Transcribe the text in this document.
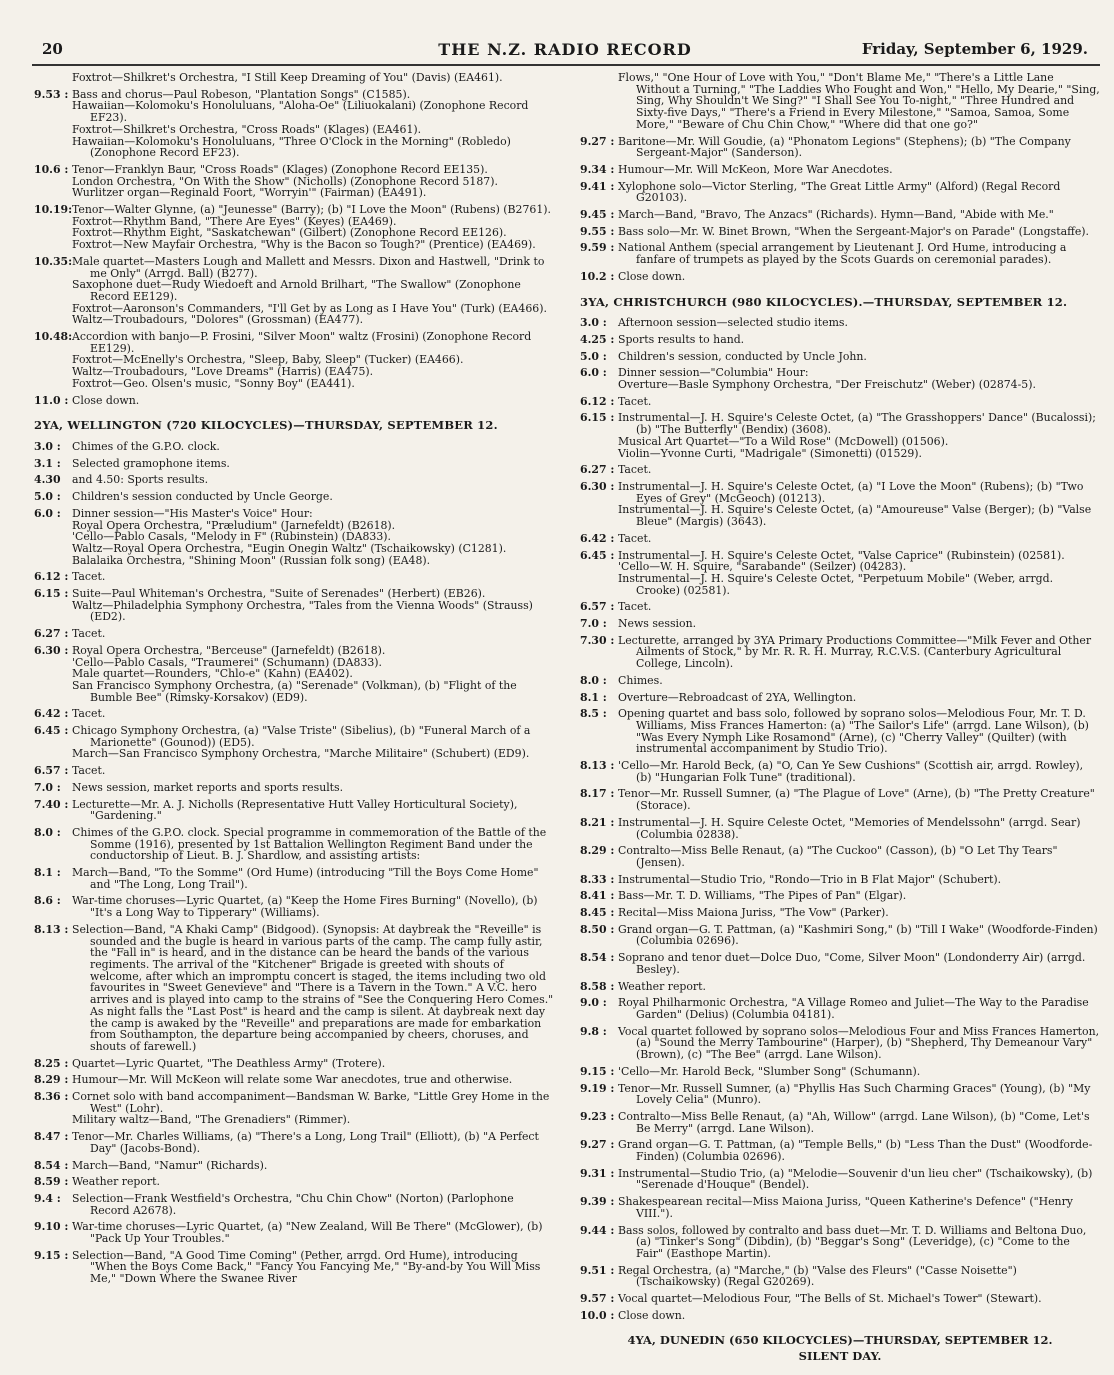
20	THE N.Z. RADIO RECORD	Friday, September 6, 1929.
Foxtrot—Shilkret's Orchestra, "I Still Keep Dreaming of You" (Davis) (EA461).
9.53 : Bass and chorus—Paul Robeson, "Plantation Songs" (C1585).
Hawaiian—Kolomoku's Honoluluans, "Aloha-Oe" (Liliuokalani) (Zonophone Record EF23).
Foxtrot—Shilkret's Orchestra, "Cross Roads" (Klages) (EA461).
Hawaiian—Kolomoku's Honoluluans, "Three O'Clock in the Morning" (Robledo) (Zonophone Record EF23).
10.6 : Tenor—Franklyn Baur, "Cross Roads" (Klages) (Zonophone Record EE135).
London Orchestra, "On With the Show" (Nicholls) (Zonophone Record 5187).
Wurlitzer organ—Reginald Foort, "Worryin'" (Fairman) (EA491).
10.19: Tenor—Walter Glynne, (a) "Jeunesse" (Barry); (b) "I Love the Moon" (Rubens) (B2761).
Foxtrot—Rhythm Band, "There Are Eyes" (Keyes) (EA469).
Foxtrot—Rhythm Eight, "Saskatchewan" (Gilbert) (Zonophone Record EE126).
Foxtrot—New Mayfair Orchestra, "Why is the Bacon so Tough?" (Prentice) (EA469).
10.35: Male quartet—Masters Lough and Mallett and Messrs. Dixon and Hastwell, "Drink to me Only" (Arrgd. Ball) (B277).
Saxophone duet—Rudy Wiedoeft and Arnold Brilhart, "The Swallow" (Zonophone Record EE129).
Foxtrot—Aaronson's Commanders, "I'll Get by as Long as I Have You" (Turk) (EA466).
Waltz—Troubadours, "Dolores" (Grossman) (EA477).
10.48: Accordion with banjo—P. Frosini, "Silver Moon" waltz (Frosini) (Zonophone Record EE129).
Foxtrot—McEnelly's Orchestra, "Sleep, Baby, Sleep" (Tucker) (EA466).
Waltz—Troubadours, "Love Dreams" (Harris) (EA475).
Foxtrot—Geo. Olsen's music, "Sonny Boy" (EA441).
11.0 : Close down.
2YA, WELLINGTON (720 KILOCYCLES)—THURSDAY, SEPTEMBER 12.
3.0 :	Chimes of the G.P.O. clock.
3.1 :	Selected gramophone items.
4.30	and 4.50: Sports results.
5.0 :	Children's session conducted by Uncle George.
6.0 :	Dinner session—"His Master's Voice" Hour:
Royal Opera Orchestra, "Præludium" (Jarnefeldt) (B2618).
'Cello—Pablo Casals, "Melody in F" (Rubinstein) (DA833).
Waltz—Royal Opera Orchestra, "Eugin Onegin Waltz" (Tschaikowsky) (C1281).
Balalaika Orchestra, "Shining Moon" (Russian folk song) (EA48).
6.12 : Tacet.
6.15 : Suite—Paul Whiteman's Orchestra, "Suite of Serenades" (Herbert) (EB26).
Waltz—Philadelphia Symphony Orchestra, "Tales from the Vienna Woods" (Strauss) (ED2).
6.27 : Tacet.
6.30 : Royal Opera Orchestra, "Berceuse" (Jarnefeldt) (B2618).
'Cello—Pablo Casals, "Traumerei" (Schumann) (DA833).
Male quartet—Rounders, "Chlo-e" (Kahn) (EA402).
San Francisco Symphony Orchestra, (a) "Serenade" (Volkman), (b) "Flight of the Bumble Bee" (Rimsky-Korsakov) (ED9).
6.42 : Tacet.
6.45 : Chicago Symphony Orchestra, (a) "Valse Triste" (Sibelius), (b) "Funeral March of a Marionette" (Gounod)) (ED5).
March—San Francisco Symphony Orchestra, "Marche Militaire" (Schubert) (ED9).
6.57 : Tacet.
7.0 :	News session, market reports and sports results.
7.40 : Lecturette—Mr. A. J. Nicholls (Representative Hutt Valley Horticultural Society), "Gardening."
8.0 :	Chimes of the G.P.O. clock. Special programme in commemoration of the Battle of the Somme (1916), presented by 1st Battalion Wellington Regiment Band under the conductorship of Lieut. B. J. Shardlow, and assisting artists:
8.1 :	March—Band, "To the Somme" (Ord Hume) (introducing "Till the Boys Come Home" and "The Long, Long Trail").
8.6 :	War-time choruses—Lyric Quartet, (a) "Keep the Home Fires Burning" (Novello), (b) "It's a Long Way to Tipperary" (Williams).
8.13 : Selection—Band, "A Khaki Camp" (Bidgood). (Synopsis: At daybreak the "Reveille" is sounded and the bugle is heard in various parts of the camp. The camp fully astir, the "Fall in" is heard, and in the distance can be heard the bands of the various regiments. The arrival of the "Kitchener" Brigade is greeted with shouts of welcome, after which an impromptu concert is staged, the items including two old favourites in "Sweet Genevieve" and "There is a Tavern in the Town." A V.C. hero arrives and is played into camp to the strains of "See the Conquering Hero Comes." As night falls the "Last Post" is heard and the camp is silent. At daybreak next day the camp is awaked by the "Reveille" and preparations are made for embarkation from Southampton, the departure being accompanied by cheers, choruses, and shouts of farewell.)
8.25 : Quartet—Lyric Quartet, "The Deathless Army" (Trotere).
8.29 : Humour—Mr. Will McKeon will relate some War anecdotes, true and otherwise.
8.36 : Cornet solo with band accompaniment—Bandsman W. Barke, "Little Grey Home in the West" (Lohr).
Military waltz—Band, "The Grenadiers" (Rimmer).
8.47 : Tenor—Mr. Charles Williams, (a) "There's a Long, Long Trail" (Elliott), (b) "A Perfect Day" (Jacobs-Bond).
8.54 : March—Band, "Namur" (Richards).
8.59 : Weather report.
9.4 :	Selection—Frank Westfield's Orchestra, "Chu Chin Chow" (Norton) (Parlophone Record A2678).
9.10 : War-time choruses—Lyric Quartet, (a) "New Zealand, Will Be There" (McGlower), (b) "Pack Up Your Troubles."
9.15 : Selection—Band, "A Good Time Coming" (Pether, arrgd. Ord Hume), introducing "When the Boys Come Back," "Fancy You Fancying Me," "By-and-by You Will Miss Me," "Down Where the Swanee River
Flows," "One Hour of Love with You," "Don't Blame Me," "There's a Little Lane Without a Turning," "The Laddies Who Fought and Won," "Hello, My Dearie," "Sing, Sing, Why Shouldn't We Sing?" "I Shall See You To-night," "Three Hundred and Sixty-five Days," "There's a Friend in Every Milestone," "Samoa, Samoa, Some More," "Beware of Chu Chin Chow," "Where did that one go?"
9.27 : Baritone—Mr. Will Goudie, (a) "Phonatom Legions" (Stephens); (b) "The Company Sergeant-Major" (Sanderson).
9.34 : Humour—Mr. Will McKeon, More War Anecdotes.
9.41 : Xylophone solo—Victor Sterling, "The Great Little Army" (Alford) (Regal Record G20103).
9.45 : March—Band, "Bravo, The Anzacs" (Richards). Hymn—Band, "Abide with Me."
9.55 : Bass solo—Mr. W. Binet Brown, "When the Sergeant-Major's on Parade" (Longstaffe).
9.59 : National Anthem (special arrangement by Lieutenant J. Ord Hume, introducing a fanfare of trumpets as played by the Scots Guards on ceremonial parades).
10.2 : Close down.
3YA, CHRISTCHURCH (980 KILOCYCLES).—THURSDAY, SEPTEMBER 12.
3.0 :	Afternoon session—selected studio items.
4.25 : Sports results to hand.
5.0 :	Children's session, conducted by Uncle John.
6.0 :	Dinner session—"Columbia" Hour:
Overture—Basle Symphony Orchestra, "Der Freischutz" (Weber) (02874-5).
6.12 : Tacet.
6.15 : Instrumental—J. H. Squire's Celeste Octet, (a) "The Grasshoppers' Dance" (Bucalossi); (b) "The Butterfly" (Bendix) (3608).
Musical Art Quartet—"To a Wild Rose" (McDowell) (01506).
Violin—Yvonne Curti, "Madrigale" (Simonetti) (01529).
6.27 : Tacet.
6.30 : Instrumental—J. H. Squire's Celeste Octet, (a) "I Love the Moon" (Rubens); (b) "Two Eyes of Grey" (McGeoch) (01213).
Instrumental—J. H. Squire's Celeste Octet, (a) "Amoureuse" Valse (Berger); (b) "Valse Bleue" (Margis) (3643).
6.42 : Tacet.
6.45 : Instrumental—J. H. Squire's Celeste Octet, "Valse Caprice" (Rubinstein) (02581).
'Cello—W. H. Squire, "Sarabande" (Seilzer) (04283).
Instrumental—J. H. Squire's Celeste Octet, "Perpetuum Mobile" (Weber, arrgd. Crooke) (02581).
6.57 : Tacet.
7.0 :	News session.
7.30 : Lecturette, arranged by 3YA Primary Productions Committee—"Milk Fever and Other Ailments of Stock," by Mr. R. R. H. Murray, R.C.V.S. (Canterbury Agricultural College, Lincoln).
8.0 :	Chimes.
8.1 :	Overture—Rebroadcast of 2YA, Wellington.
8.5 :	Opening quartet and bass solo, followed by soprano solos—Melodious Four, Mr. T. D. Williams, Miss Frances Hamerton: (a) "The Sailor's Life" (arrgd. Lane Wilson), (b) "Was Every Nymph Like Rosamond" (Arne), (c) "Cherry Valley" (Quilter) (with instrumental accompaniment by Studio Trio).
8.13 : 'Cello—Mr. Harold Beck, (a) "O, Can Ye Sew Cushions" (Scottish air, arrgd. Rowley), (b) "Hungarian Folk Tune" (traditional).
8.17 : Tenor—Mr. Russell Sumner, (a) "The Plague of Love" (Arne), (b) "The Pretty Creature" (Storace).
8.21 : Instrumental—J. H. Squire Celeste Octet, "Memories of Mendelssohn" (arrgd. Sear) (Columbia 02838).
8.29 : Contralto—Miss Belle Renaut, (a) "The Cuckoo" (Casson), (b) "O Let Thy Tears" (Jensen).
8.33 : Instrumental—Studio Trio, "Rondo—Trio in B Flat Major" (Schubert).
8.41 : Bass—Mr. T. D. Williams, "The Pipes of Pan" (Elgar).
8.45 : Recital—Miss Maiona Juriss, "The Vow" (Parker).
8.50 : Grand organ—G. T. Pattman, (a) "Kashmiri Song," (b) "Till I Wake" (Woodforde-Finden) (Columbia 02696).
8.54 : Soprano and tenor duet—Dolce Duo, "Come, Silver Moon" (Londonderry Air) (arrgd. Besley).
8.58 : Weather report.
9.0 :	Royal Philharmonic Orchestra, "A Village Romeo and Juliet—The Way to the Paradise Garden" (Delius) (Columbia 04181).
9.8 :	Vocal quartet followed by soprano solos—Melodious Four and Miss Frances Hamerton, (a) "Sound the Merry Tambourine" (Harper), (b) "Shepherd, Thy Demeanour Vary" (Brown), (c) "The Bee" (arrgd. Lane Wilson).
9.15 : 'Cello—Mr. Harold Beck, "Slumber Song" (Schumann).
9.19 : Tenor—Mr. Russell Sumner, (a) "Phyllis Has Such Charming Graces" (Young), (b) "My Lovely Celia" (Munro).
9.23 : Contralto—Miss Belle Renaut, (a) "Ah, Willow" (arrgd. Lane Wilson), (b) "Come, Let's Be Merry" (arrgd. Lane Wilson).
9.27 : Grand organ—G. T. Pattman, (a) "Temple Bells," (b) "Less Than the Dust" (Woodforde-Finden) (Columbia 02696).
9.31 : Instrumental—Studio Trio, (a) "Melodie—Souvenir d'un lieu cher" (Tschaikowsky), (b) "Serenade d'Houque" (Bendel).
9.39 : Shakespearean recital—Miss Maiona Juriss, "Queen Katherine's Defence" ("Henry VIII.").
9.44 : Bass solos, followed by contralto and bass duet—Mr. T. D. Williams and Beltona Duo, (a) "Tinker's Song" (Dibdin), (b) "Beggar's Song" (Leveridge), (c) "Come to the Fair" (Easthope Martin).
9.51 : Regal Orchestra, (a) "Marche," (b) "Valse des Fleurs" ("Casse Noisette") (Tschaikowsky) (Regal G20269).
9.57 : Vocal quartet—Melodious Four, "The Bells of St. Michael's Tower" (Stewart).
10.0 : Close down.
4YA, DUNEDIN (650 KILOCYCLES)—THURSDAY, SEPTEMBER 12.
SILENT DAY.
